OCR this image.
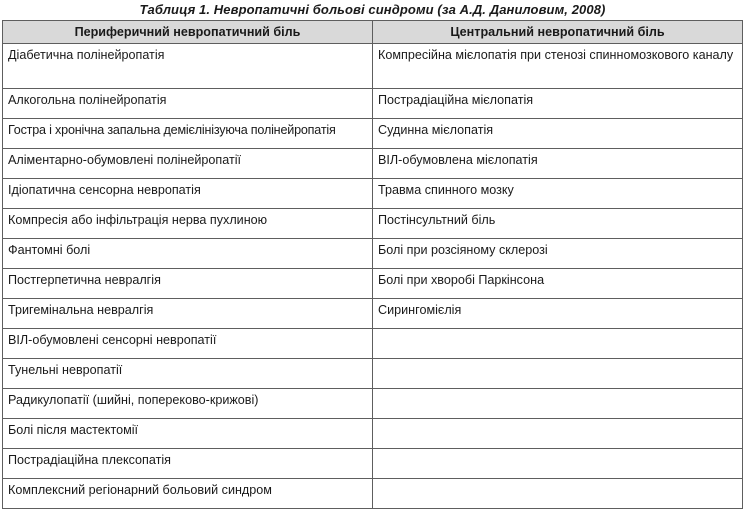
Таблиця 1. Невропатичні больові синдроми (за А.Д. Даниловим, 2008)
Периферичний невропатичний біль	Центральний невропатичний біль
Діабетична полінейропатія	Компресійна мієлопатія при стенозі спинномозкового каналу
Алкогольна полінейропатія	Пострадіаційна мієлопатія
Гостра і хронічна запальна демієлінізуюча полінейропатія	Судинна мієлопатія
Аліментарно-обумовлені полінейропатії	ВІЛ-обумовлена мієлопатія
Ідіопатична сенсорна невропатія	Травма спинного мозку
Компресія або інфільтрація нерва пухлиною	Постінсультний біль
Фантомні болі	Болі при розсіяному склерозі
Постгерпетична невралгія	Болі при хворобі Паркінсона
Тригемінальна невралгія	Сирингомієлія
ВІЛ-обумовлені сенсорні невропатії	
Тунельні невропатії	
Радикулопатії (шийні, попереково-крижові)	
Болі після мастектомії	
Пострадіаційна плексопатія	
Комплексний регіонарний больовий синдром	
